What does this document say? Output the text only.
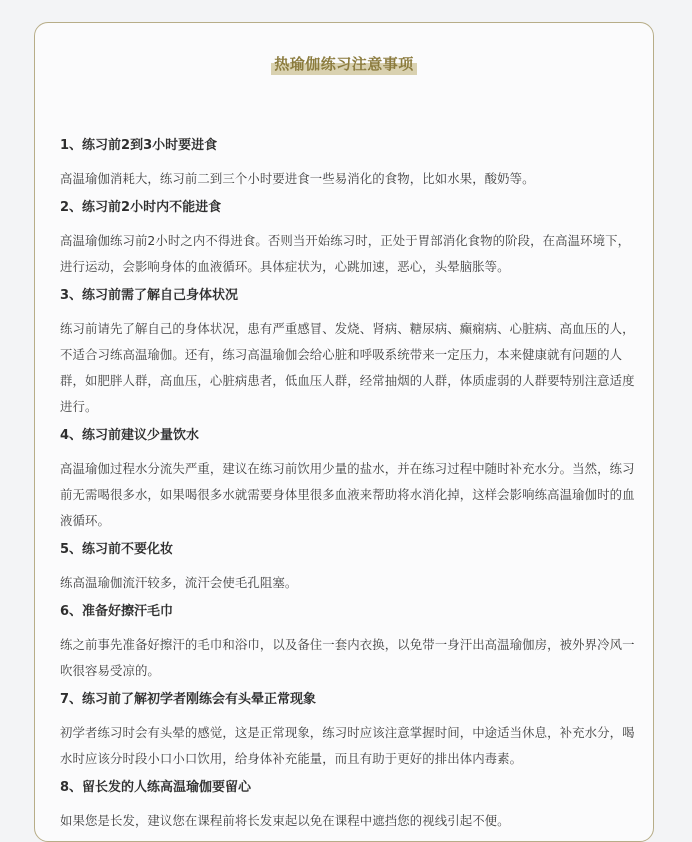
热瑜伽练习注意事项
1、练习前2到3小时要进食
高温瑜伽消耗大，练习前二到三个小时要进食一些易消化的食物，比如水果，酸奶等。
2、练习前2小时内不能进食
高温瑜伽练习前2小时之内不得进食。否则当开始练习时，正处于胃部消化食物的阶段，在高温环境下，进行运动，会影响身体的血液循环。具体症状为，心跳加速，恶心，头晕脑胀等。
3、练习前需了解自己身体状况
练习前请先了解自己的身体状况，患有严重感冒、发烧、肾病、糖尿病、癫痫病、心脏病、高血压的人，不适合习练高温瑜伽。还有，练习高温瑜伽会给心脏和呼吸系统带来一定压力，本来健康就有问题的人群，如肥胖人群，高血压，心脏病患者，低血压人群，经常抽烟的人群，体质虚弱的人群要特别注意适度进行。
4、练习前建议少量饮水
高温瑜伽过程水分流失严重，建议在练习前饮用少量的盐水，并在练习过程中随时补充水分。当然，练习前无需喝很多水，如果喝很多水就需要身体里很多血液来帮助将水消化掉，这样会影响练高温瑜伽时的血液循环。
5、练习前不要化妆
练高温瑜伽流汗较多，流汗会使毛孔阻塞。
6、准备好擦汗毛巾
练之前事先准备好擦汗的毛巾和浴巾，以及备住一套内衣换，以免带一身汗出高温瑜伽房，被外界冷风一吹很容易受凉的。
7、练习前了解初学者刚练会有头晕正常现象
初学者练习时会有头晕的感觉，这是正常现象，练习时应该注意掌握时间，中途适当休息，补充水分，喝水时应该分时段小口小口饮用，给身体补充能量，而且有助于更好的排出体内毒素。
8、留长发的人练高温瑜伽要留心
如果您是长发，建议您在课程前将长发束起以免在课程中遮挡您的视线引起不便。
